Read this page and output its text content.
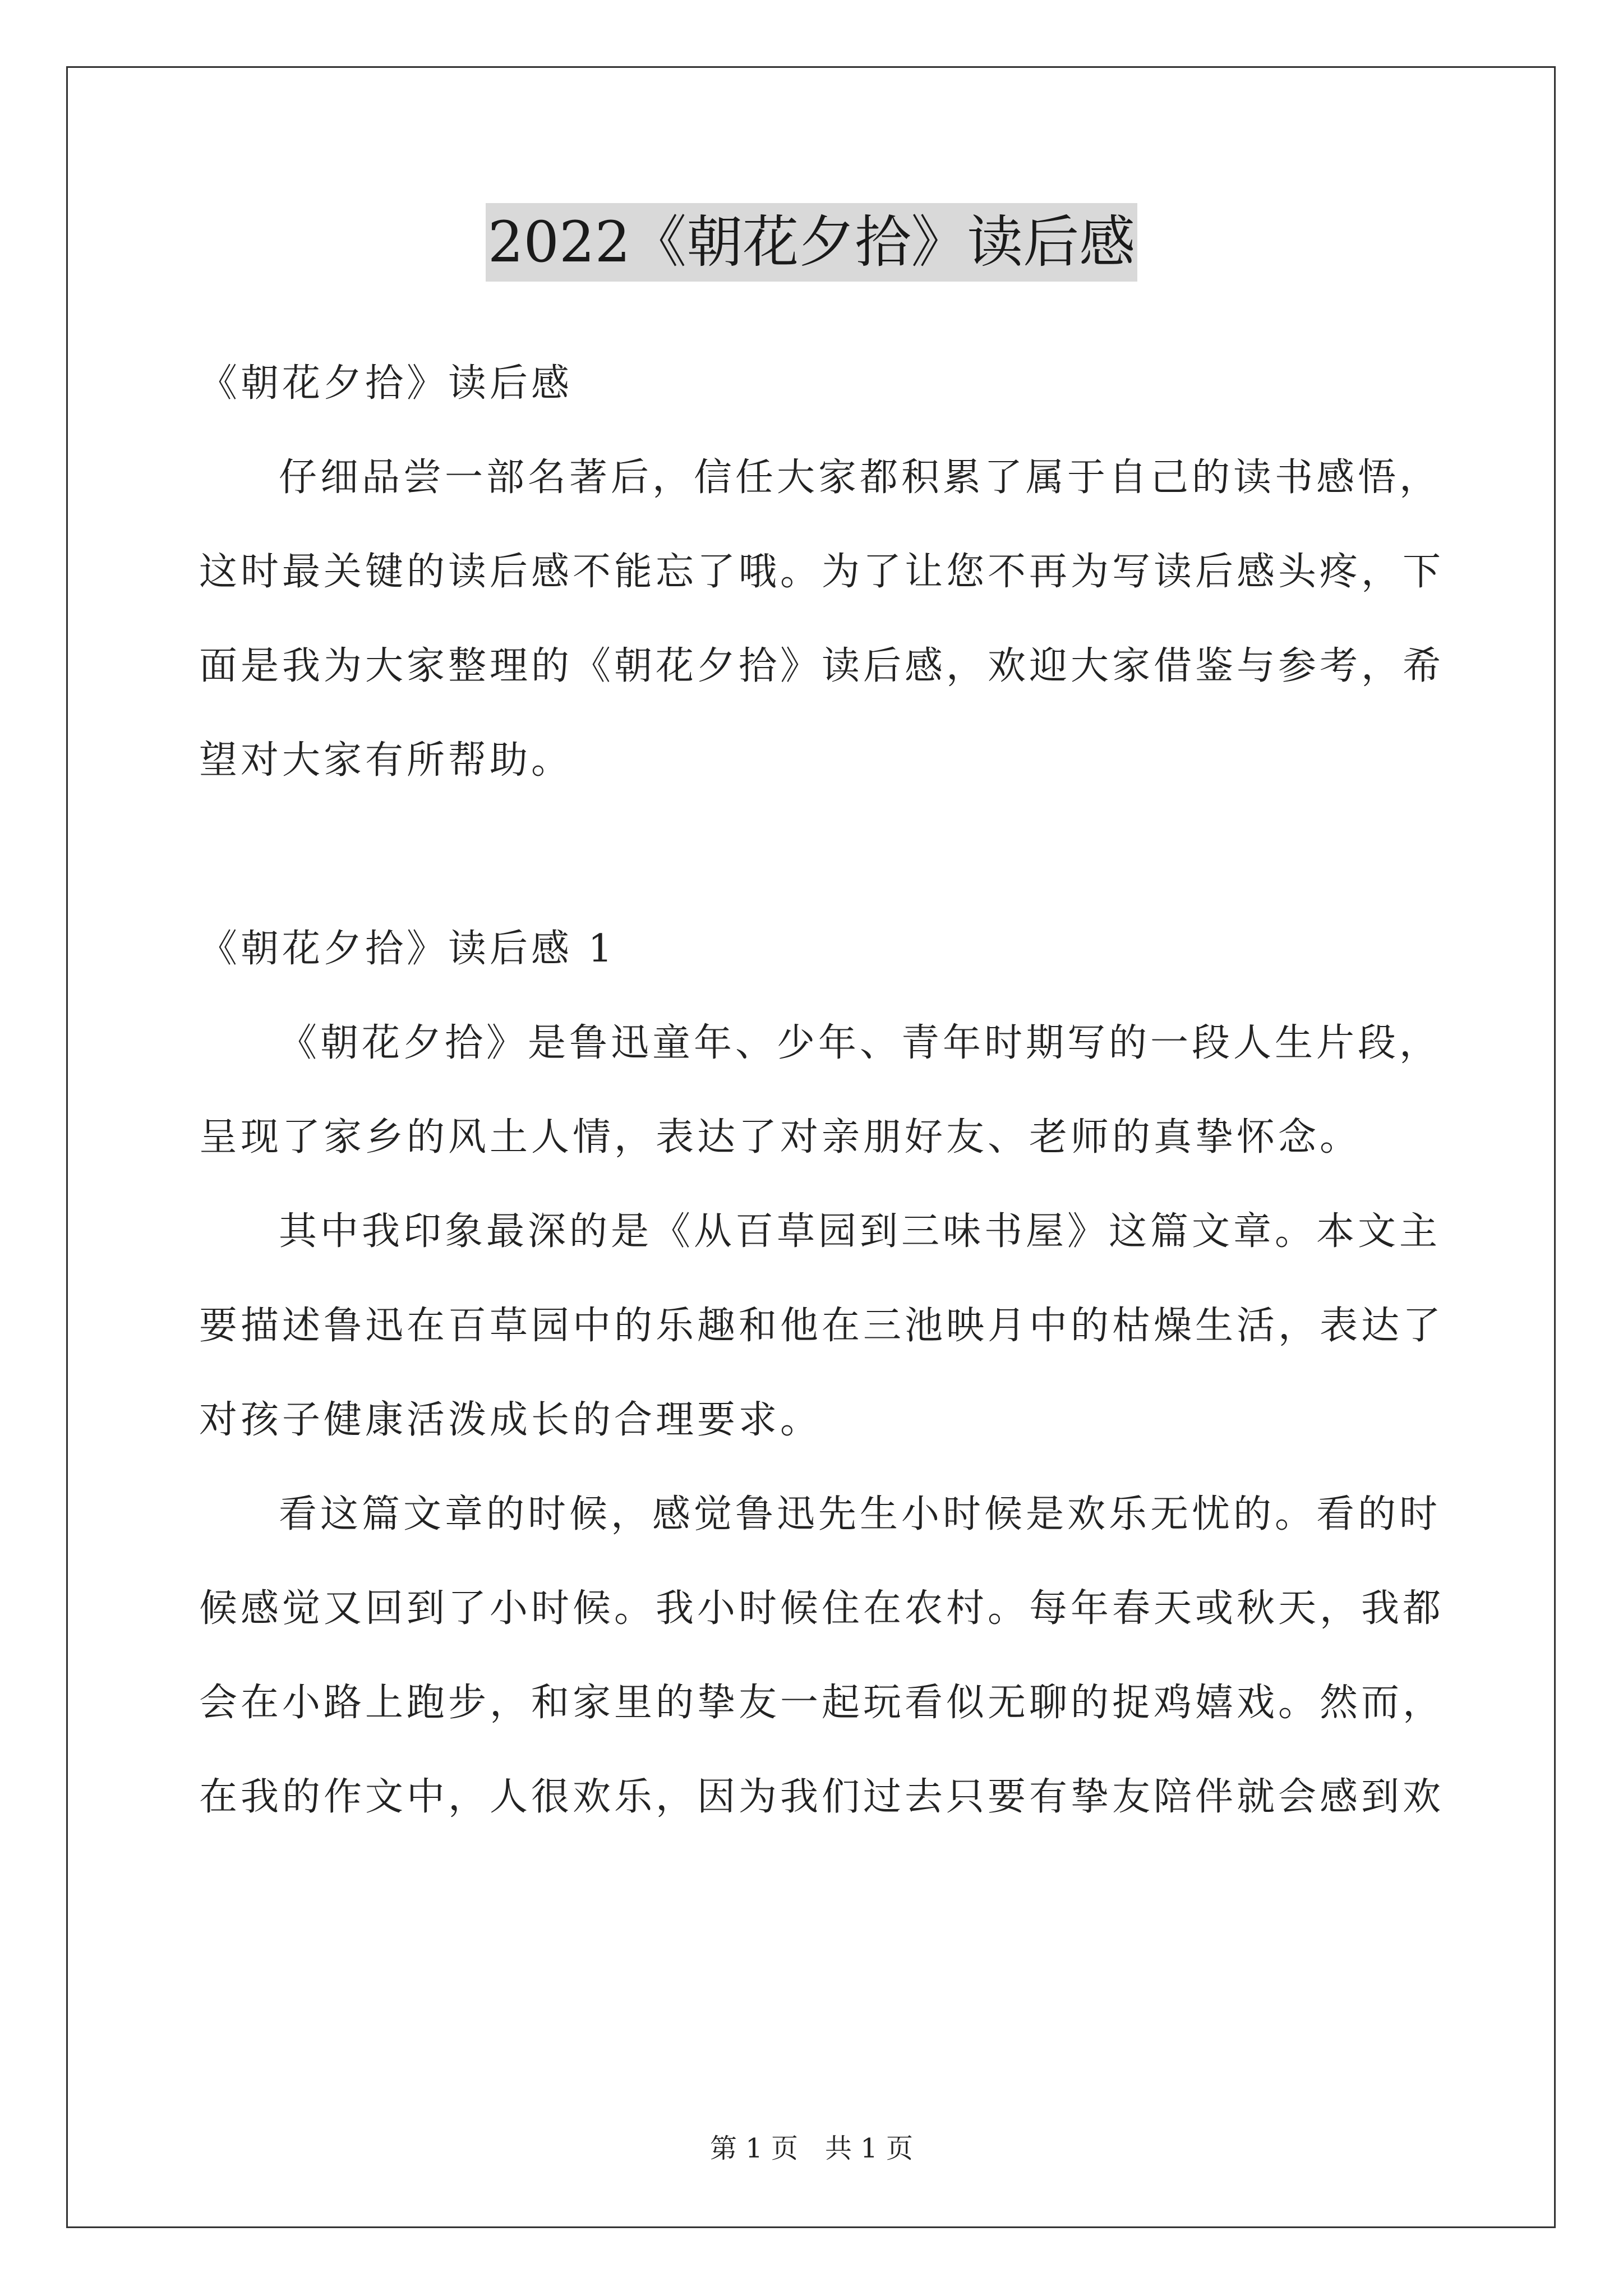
2022《朝花夕拾》读后感
《朝花夕拾》读后感
仔细品尝一部名著后，信任大家都积累了属于自己的读书感悟，
这时最关键的读后感不能忘了哦。为了让您不再为写读后感头疼，下
面是我为大家整理的《朝花夕拾》读后感，欢迎大家借鉴与参考，希
望对大家有所帮助。
《朝花夕拾》读后感 1
《朝花夕拾》是鲁迅童年、少年、青年时期写的一段人生片段，
呈现了家乡的风土人情，表达了对亲朋好友、老师的真挚怀念。
其中我印象最深的是《从百草园到三味书屋》这篇文章。本文主
要描述鲁迅在百草园中的乐趣和他在三池映月中的枯燥生活，表达了
对孩子健康活泼成长的合理要求。
看这篇文章的时候，感觉鲁迅先生小时候是欢乐无忧的。看的时
候感觉又回到了小时候。我小时候住在农村。每年春天或秋天，我都
会在小路上跑步，和家里的挚友一起玩看似无聊的捉鸡嬉戏。然而，
在我的作文中，人很欢乐，因为我们过去只要有挚友陪伴就会感到欢
第 1 页　共 1 页
